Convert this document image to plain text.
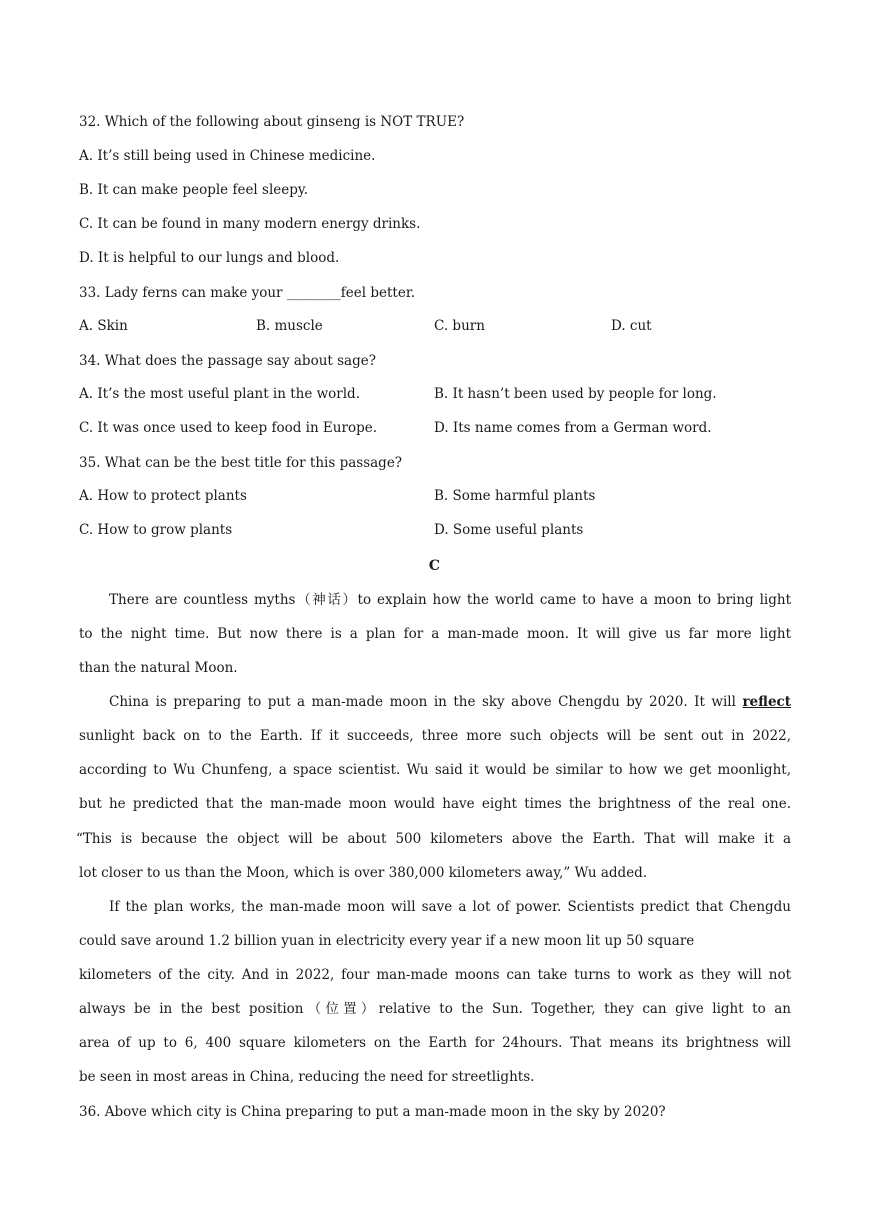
32. Which of the following about ginseng is NOT TRUE?
A. It’s still being used in Chinese medicine.
B. It can make people feel sleepy.
C. It can be found in many modern energy drinks.
D. It is helpful to our lungs and blood.
33. Lady ferns can make your ________feel better.
A. Skin	B. muscle	C. burn	D. cut
34. What does the passage say about sage?
A. It’s the most useful plant in the world.	B. It hasn’t been used by people for long.
C. It was once used to keep food in Europe.	D. Its name comes from a German word.
35. What can be the best title for this passage?
A. How to protect plants	B. Some harmful plants
C. How to grow plants	D. Some useful plants
C
There are countless myths（神话）to explain how the world came to have a moon to bring light
to the night time. But now there is a plan for a man-made moon. It will give us far more light
than the natural Moon.
China is preparing to put a man-made moon in the sky above Chengdu by 2020. It will reflect
sunlight back on to the Earth. If it succeeds, three more such objects will be sent out in 2022,
according to Wu Chunfeng, a space scientist. Wu said it would be similar to how we get moonlight,
but he predicted that the man-made moon would have eight times the brightness of the real one.
“This is because the object will be about 500 kilometers above the Earth. That will make it a
lot closer to us than the Moon, which is over 380,000 kilometers away,” Wu added.
If the plan works, the man-made moon will save a lot of power. Scientists predict that Chengdu
could save around 1.2 billion yuan in electricity every year if a new moon lit up 50 square
kilometers of the city. And in 2022, four man-made moons can take turns to work as they will not
always be in the best position（位置）relative to the Sun. Together, they can give light to an
area of up to 6, 400 square kilometers on the Earth for 24hours. That means its brightness will
be seen in most areas in China, reducing the need for streetlights.
36. Above which city is China preparing to put a man-made moon in the sky by 2020?
